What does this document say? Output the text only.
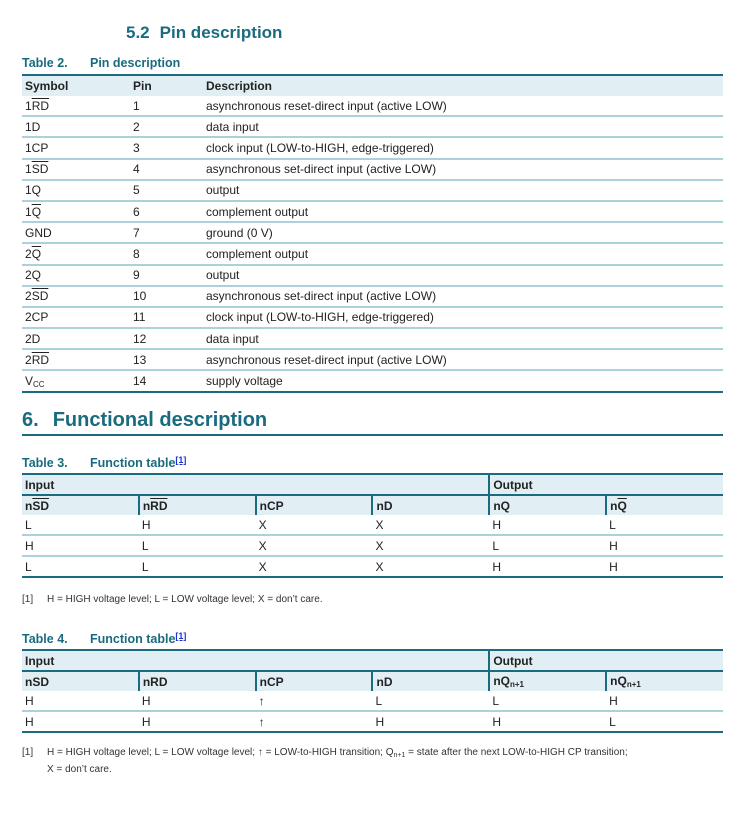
5.2 Pin description
Table 2. Pin description
Symbol	Pin	Description
$1\overline{RD}$	1	asynchronous reset-direct input (active LOW)
1D	2	data input
1CP	3	clock input (LOW-to-HIGH, edge-triggered)
$1\overline{SD}$	4	asynchronous set-direct input (active LOW)
1Q	5	output
$1\overline{Q}$	6	complement output
GND	7	ground (0 V)
$2\overline{Q}$	8	complement output
2Q	9	output
$2\overline{SD}$	10	asynchronous set-direct input (active LOW)
2CP	11	clock input (LOW-to-HIGH, edge-triggered)
2D	12	data input
$2\overline{RD}$	13	asynchronous reset-direct input (active LOW)
$V_{CC}$	14	supply voltage
6. Functional description
Table 3. Function table[1]
Input				Output	
$n\overline{SD}$	$n\overline{RD}$	nCP	nD	nQ	$n\overline{Q}$
L	H	X	X	H	L
H	L	X	X	L	H
L	L	X	X	H	H
[1] H = HIGH voltage level; L = LOW voltage level; X = don’t care.
Table 4. Function table[1]
Input				Output	
nSD	nRD	nCP	nD	$nQ_{n+1}$	$nQ_{n+1}$
H	H	↑	L	L	H
H	H	↑	H	H	L
[1] H = HIGH voltage level; L = LOW voltage level; ↑ = LOW-to-HIGH transition; $Q_{n+1}$ = state after the next LOW-to-HIGH CP transition;
X = don’t care.
